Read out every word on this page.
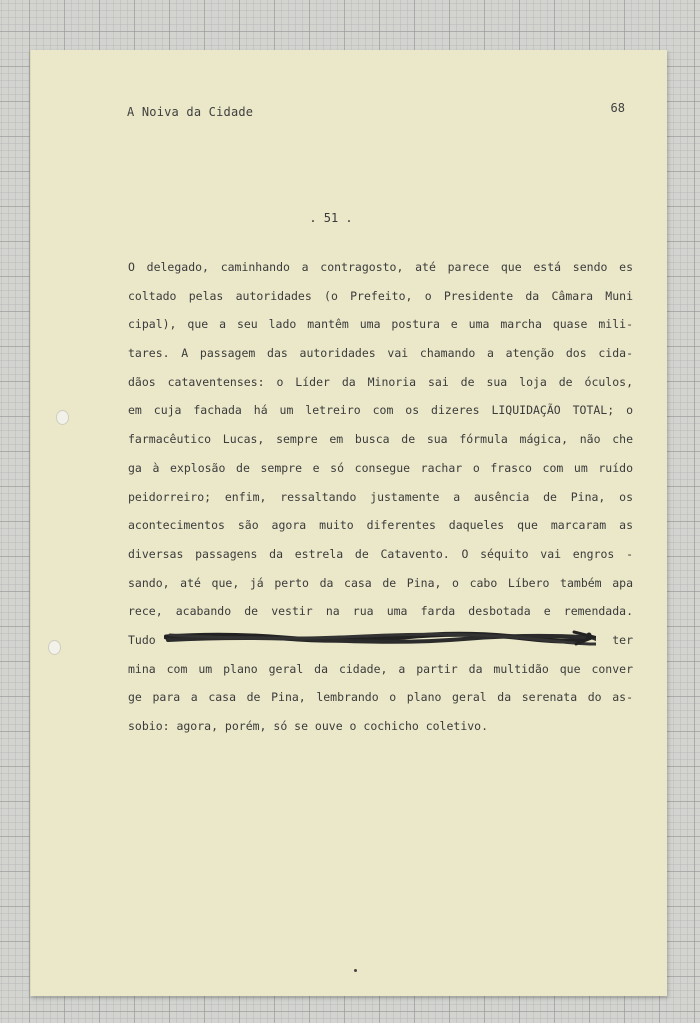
A Noiva da Cidade	68
. 51 .
O delegado, caminhando a contragosto, até parece que está sendo es
coltado pelas autoridades (o Prefeito, o Presidente da Câmara Muni
cipal), que a seu lado mantêm uma postura e uma marcha quase mili-
tares. A passagem das autoridades vai chamando a atenção dos cida-
dãos cataventenses: o Líder da Minoria sai de sua loja de óculos,
em cuja fachada há um letreiro com os dizeres LIQUIDAÇÃO TOTAL; o
farmacêutico Lucas, sempre em busca de sua fórmula mágica, não che
ga à explosão de sempre e só consegue rachar o frasco com um ruído
peidorreiro; enfim, ressaltando justamente a ausência de Pina, os
acontecimentos são agora muito diferentes daqueles que marcaram as
diversas passagens da estrela de Catavento. O séquito vai engros -
sando, até que, já perto da casa de Pina, o cabo Líbero também apa
rece, acabando de vestir na rua uma farda desbotada e remendada.
Tudo                                                          ter
mina com um plano geral da cidade, a partir da multidão que conver
ge para a casa de Pina, lembrando o plano geral da serenata do as-
sobio: agora, porém, só se ouve o cochicho coletivo.
